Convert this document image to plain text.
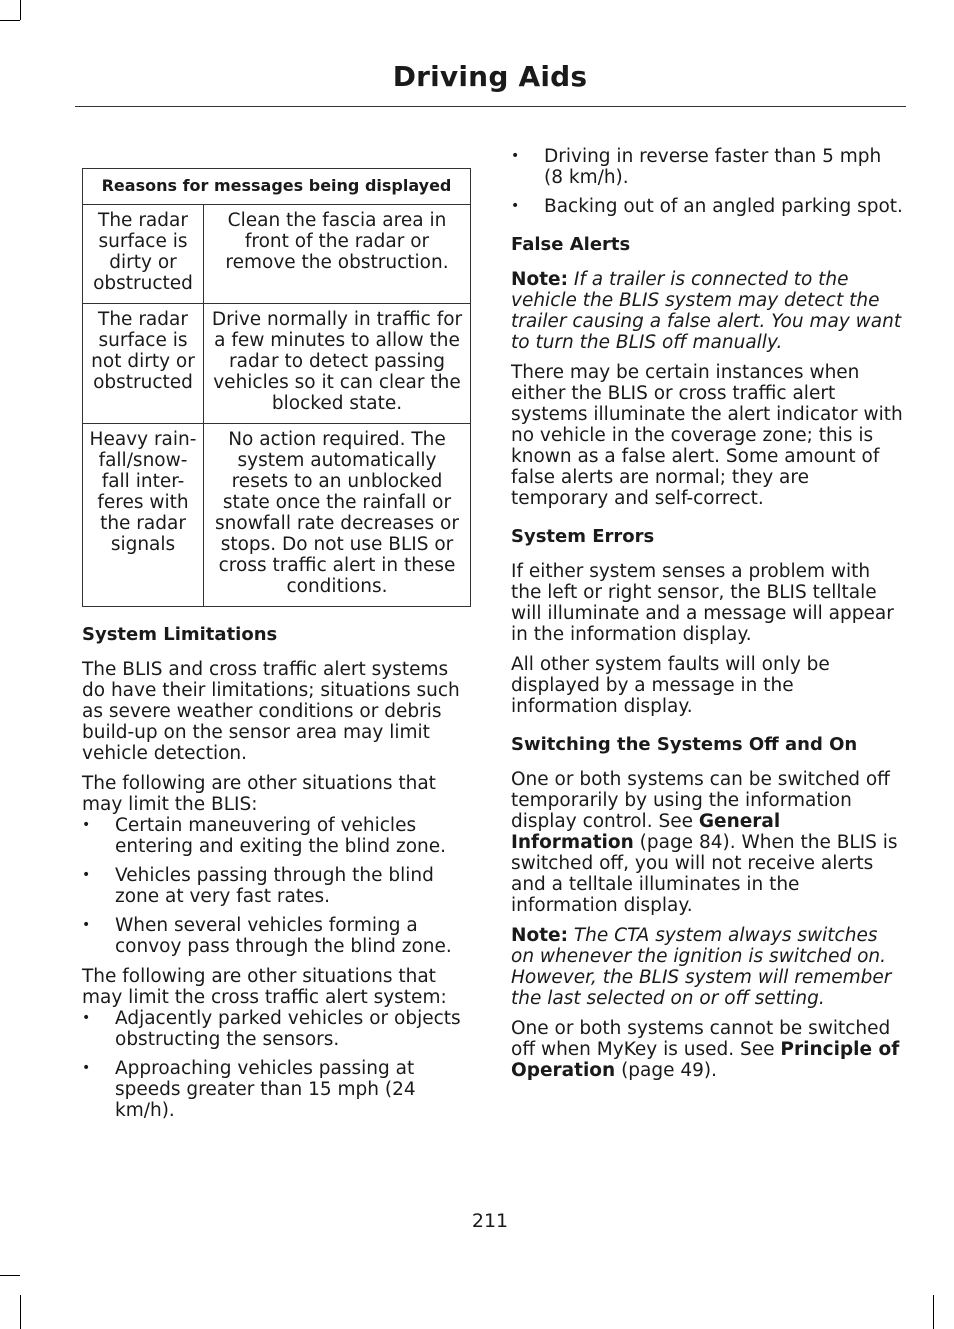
Driving Aids
Reasons for messages being displayed	
The radar surface is dirty or obstructed	Clean the fascia area in front of the radar or remove the obstruction.
The radar surface is not dirty or obstructed	Drive normally in traffic for a few minutes to allow the radar to detect passing vehicles so it can clear the blocked state.
Heavy rain-fall/snow-fall inter-feres with the radar signals	No action required. The system automatically resets to an unblocked state once the rainfall or snowfall rate decreases or stops. Do not use BLIS or cross traffic alert in these conditions.
System Limitations

The BLIS and cross traffic alert systems do have their limitations; situations such as severe weather conditions or debris build-up on the sensor area may limit vehicle detection.

The following are other situations that may limit the BLIS:

• Certain maneuvering of vehicles entering and exiting the blind zone.
• Vehicles passing through the blind zone at very fast rates.
• When several vehicles forming a convoy pass through the blind zone.

The following are other situations that may limit the cross traffic alert system:

• Adjacently parked vehicles or objects obstructing the sensors.
• Approaching vehicles passing at speeds greater than 15 mph (24 km/h).
• Driving in reverse faster than 5 mph (8 km/h).
• Backing out of an angled parking spot.
False Alerts

Note: If a trailer is connected to the vehicle the BLIS system may detect the trailer causing a false alert. You may want to turn the BLIS off manually.

There may be certain instances when either the BLIS or cross traffic alert systems illuminate the alert indicator with no vehicle in the coverage zone; this is known as a false alert. Some amount of false alerts are normal; they are temporary and self-correct.

System Errors

If either system senses a problem with the left or right sensor, the BLIS telltale will illuminate and a message will appear in the information display.

All other system faults will only be displayed by a message in the information display.

Switching the Systems Off and On

One or both systems can be switched off temporarily by using the information display control. See General Information (page 84). When the BLIS is switched off, you will not receive alerts and a telltale illuminates in the information display.

Note: The CTA system always switches on whenever the ignition is switched on. However, the BLIS system will remember the last selected on or off setting.

One or both systems cannot be switched off when MyKey is used. See Principle of Operation (page 49).

211
